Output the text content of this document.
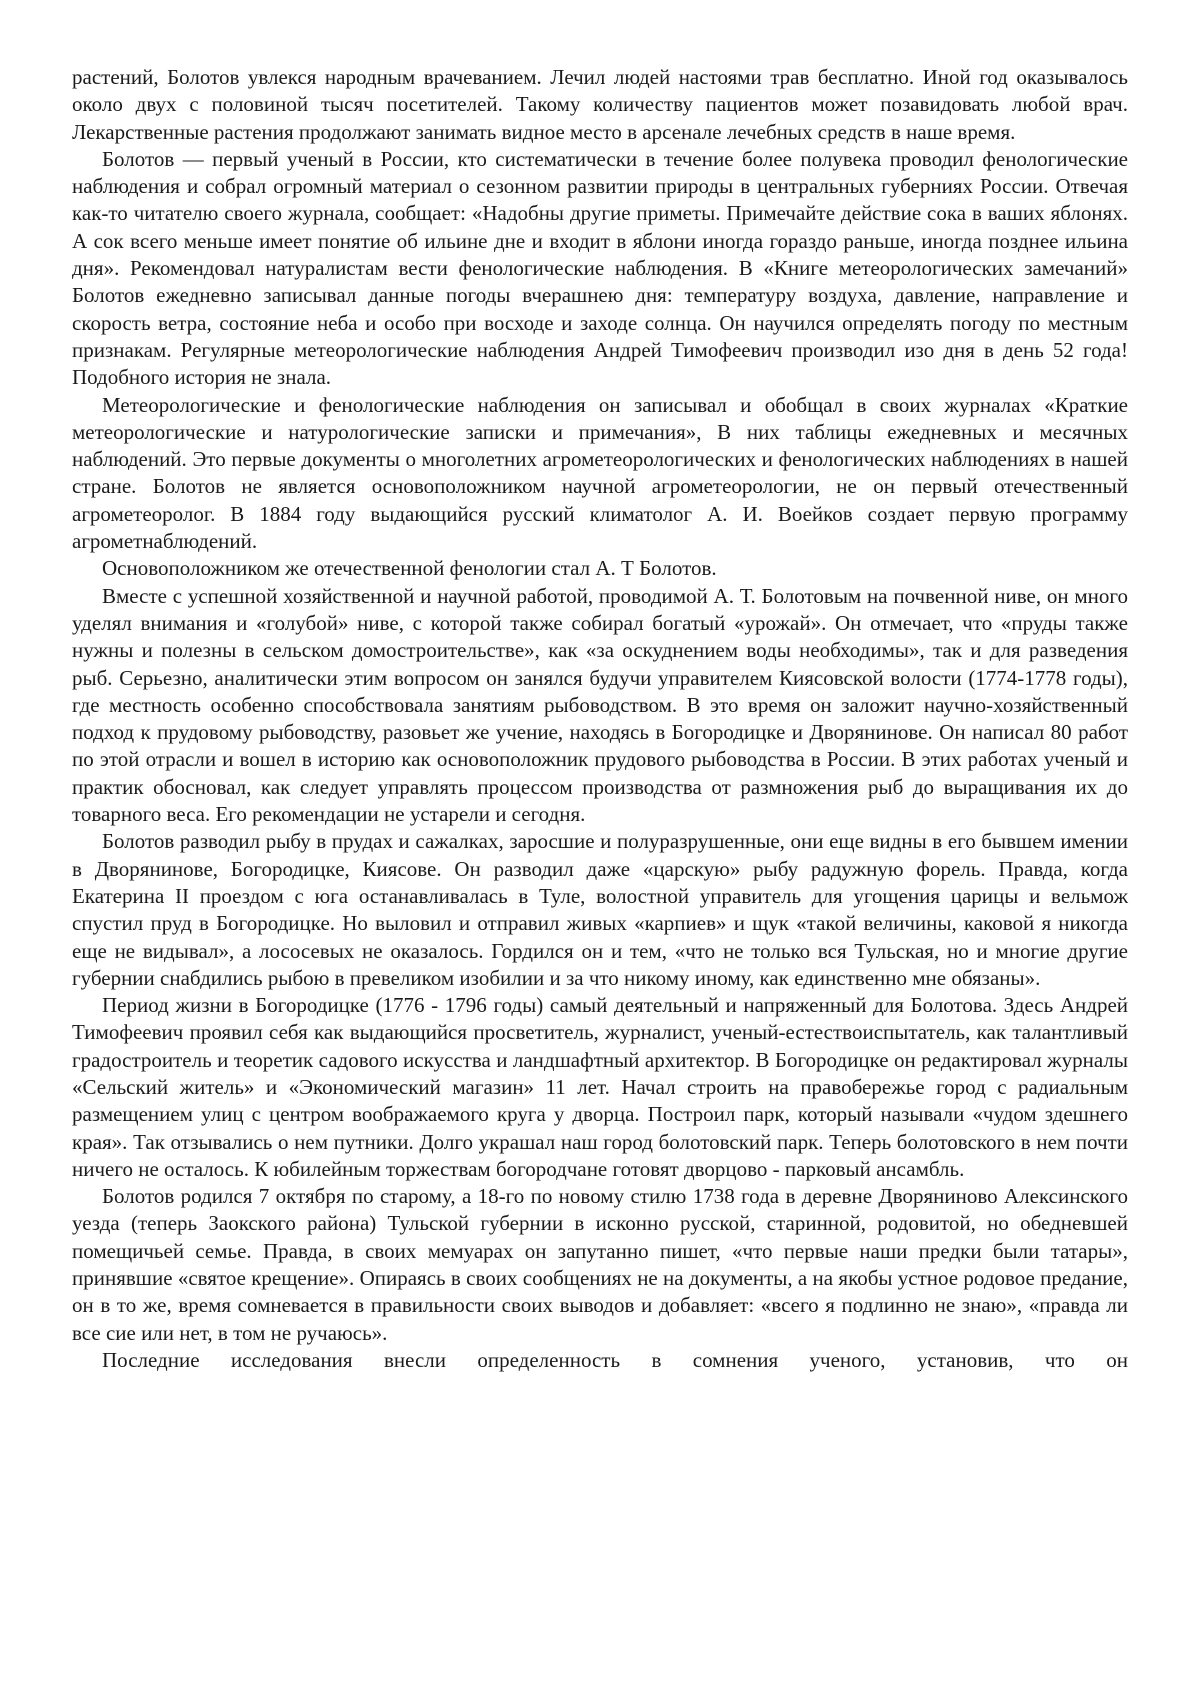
растений, Болотов увлекся народным врачеванием. Лечил людей настоями трав бесплатно. Иной год оказывалось около двух с половиной тысяч посетителей. Такому количеству пациентов может позавидовать любой врач. Лекарственные растения продолжают занимать видное место в арсенале лечебных средств в наше время.

Болотов — первый ученый в России, кто систематически в течение более полувека проводил фенологические наблюдения и собрал огромный материал о сезонном развитии природы в центральных губерниях России. Отвечая как-то читателю своего журнала, сообщает: «Надобны другие приметы. Примечайте действие сока в ваших яблонях. А сок всего меньше имеет понятие об ильине дне и входит в яблони иногда гораздо раньше, иногда позднее ильина дня». Рекомендовал натуралистам вести фенологические наблюдения. В «Книге метеорологических замечаний» Болотов ежедневно записывал данные погоды вчерашнею дня: температуру воздуха, давление, направление и скорость ветра, состояние неба и особо при восходе и заходе солнца. Он научился определять погоду по местным признакам. Регулярные метеорологические наблюдения Андрей Тимофеевич производил изо дня в день 52 года! Подобного история не знала.

Метеорологические и фенологические наблюдения он записывал и обобщал в своих журналах «Краткие метеорологические и натурологические записки и примечания», В них таблицы ежедневных и месячных наблюдений. Это первые документы о многолетних агрометеорологических и фенологических наблюдениях в нашей стране. Болотов не является основоположником научной агрометеорологии, не он первый отечественный агрометеоролог. В 1884 году выдающийся русский климатолог А. И. Воейков создает первую программу агрометнаблюдений.

Основоположником же отечественной фенологии стал А. Т Болотов.

Вместе с успешной хозяйственной и научной работой, проводимой А. Т. Болотовым на почвенной ниве, он много уделял внимания и «голубой» ниве, с которой также собирал богатый «урожай». Он отмечает, что «пруды также нужны и полезны в сельском домостроительстве», как «за оскуднением воды необходимы», так и для разведения рыб. Серьезно, аналитически этим вопросом он занялся будучи управителем Киясовской волости (1774-1778 годы), где местность особенно способствовала занятиям рыбоводством. В это время он заложит научно-хозяйственный подход к прудовому рыбоводству, разовьет же учение, находясь в Богородицке и Дворянинове. Он написал 80 работ по этой отрасли и вошел в историю как основоположник прудового рыбоводства в России. В этих работах ученый и практик обосновал, как следует управлять процессом производства от размножения рыб до выращивания их до товарного веса. Его рекомендации не устарели и сегодня.

Болотов разводил рыбу в прудах и сажалках, заросшие и полуразрушенные, они еще видны в его бывшем имении в Дворянинове, Богородицке, Киясове. Он разводил даже «царскую» рыбу радужную форель. Правда, когда Екатерина II проездом с юга останавливалась в Туле, волостной управитель для угощения царицы и вельмож спустил пруд в Богородицке. Но выловил и отправил живых «карпиев» и щук «такой величины, каковой я никогда еще не видывал», а лососевых не оказалось. Гордился он и тем, «что не только вся Тульская, но и многие другие губернии снабдились рыбою в превеликом изобилии и за что никому иному, как единственно мне обязаны».

Период жизни в Богородицке (1776 - 1796 годы) самый деятельный и напряженный для Болотова. Здесь Андрей Тимофеевич проявил себя как выдающийся просветитель, журналист, ученый-естествоиспытатель, как талантливый градостроитель и теоретик садового искусства и ландшафтный архитектор. В Богородицке он редактировал журналы «Сельский житель» и «Экономический магазин» 11 лет. Начал строить на правобережье город с радиальным размещением улиц с центром воображаемого круга у дворца. Построил парк, который называли «чудом здешнего края». Так отзывались о нем путники. Долго украшал наш город болотовский парк. Теперь болотовского в нем почти ничего не осталось. К юбилейным торжествам богородчане готовят дворцово - парковый ансамбль.

Болотов родился 7 октября по старому, а 18-го по новому стилю 1738 года в деревне Дворяниново Алексинского уезда (теперь Заокского района) Тульской губернии в исконно русской, старинной, родовитой, но обедневшей помещичьей семье. Правда, в своих мемуарах он запутанно пишет, «что первые наши предки были татары», принявшие «святое крещение». Опираясь в своих сообщениях не на документы, а на якобы устное родовое предание, он в то же, время сомневается в правильности своих выводов и добавляет: «всего я подлинно не знаю», «правда ли все сие или нет, в том не ручаюсь».

Последние исследования внесли определенность в сомнения ученого, установив, что он
